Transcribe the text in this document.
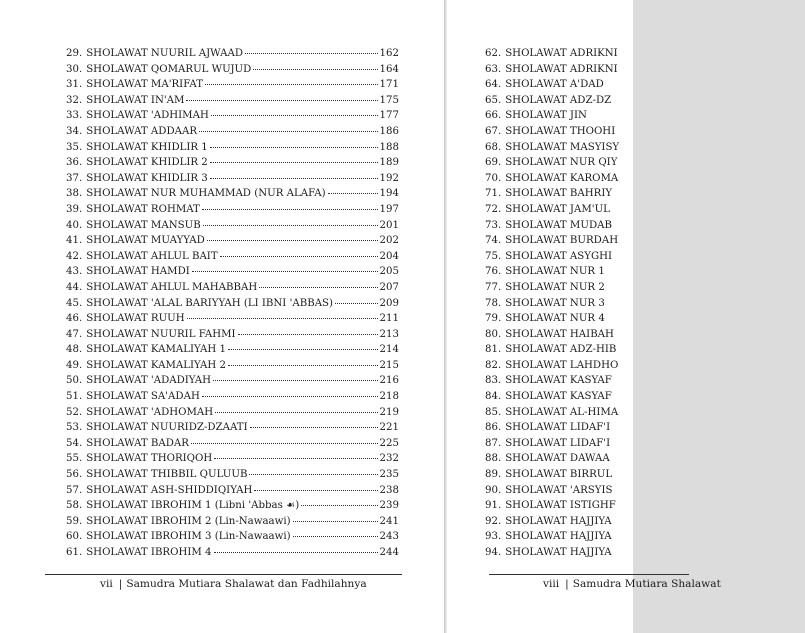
29. SHOLAWAT NUURIL AJWAAD	162
30. SHOLAWAT QOMARUL WUJUD	164
31. SHOLAWAT MA'RIFAT	171
32. SHOLAWAT IN'AM	175
33. SHOLAWAT 'ADHIMAH	177
34. SHOLAWAT ADDAAR	186
35. SHOLAWAT KHIDLIR 1	188
36. SHOLAWAT KHIDLIR 2	189
37. SHOLAWAT KHIDLIR 3	192
38. SHOLAWAT NUR MUHAMMAD (NUR ALAFA)	194
39. SHOLAWAT ROHMAT	197
40. SHOLAWAT MANSUB	201
41. SHOLAWAT MUAYYAD	202
42. SHOLAWAT AHLUL BAIT	204
43. SHOLAWAT HAMDI	205
44. SHOLAWAT AHLUL MAHABBAH	207
45. SHOLAWAT 'ALAL BARIYYAH (LI IBNI 'ABBAS)	209
46. SHOLAWAT RUUH	211
47. SHOLAWAT NUURIL FAHMI	213
48. SHOLAWAT KAMALIYAH 1	214
49. SHOLAWAT KAMALIYAH 2	215
50. SHOLAWAT 'ADADIYAH	216
51. SHOLAWAT SA'ADAH	218
52. SHOLAWAT 'ADHOMAH	219
53. SHOLAWAT NUURIDZ-DZAATI	221
54. SHOLAWAT BADAR	225
55. SHOLAWAT THORIQOH	232
56. SHOLAWAT THIBBIL QULUUB	235
57. SHOLAWAT ASH-SHIDDIQIYAH	238
58. SHOLAWAT IBROHIM 1 (Libni 'Abbas ☙)	239
59. SHOLAWAT IBROHIM 2 (Lin-Nawaawi)	241
60. SHOLAWAT IBROHIM 3 (Lin-Nawaawi)	243
61. SHOLAWAT IBROHIM 4	244
vii | Samudra Mutiara Shalawat dan Fadhilahnya
62. SHOLAWAT ADRIKNI
63. SHOLAWAT ADRIKNI
64. SHOLAWAT A'DAD
65. SHOLAWAT ADZ-DZ
66. SHOLAWAT JIN
67. SHOLAWAT THOOHI
68. SHOLAWAT MASYISY
69. SHOLAWAT NUR QIY
70. SHOLAWAT KAROMA
71. SHOLAWAT BAHRIY
72. SHOLAWAT JAM'UL
73. SHOLAWAT MUDAB
74. SHOLAWAT BURDAH
75. SHOLAWAT ASYGHI
76. SHOLAWAT NUR 1
77. SHOLAWAT NUR 2
78. SHOLAWAT NUR 3
79. SHOLAWAT NUR 4
80. SHOLAWAT HAIBAH
81. SHOLAWAT ADZ-HIB
82. SHOLAWAT LAHDHO
83. SHOLAWAT KASYAF
84. SHOLAWAT KASYAF
85. SHOLAWAT AL-HIMA
86. SHOLAWAT LIDAF'I
87. SHOLAWAT LIDAF'I
88. SHOLAWAT DAWAA
89. SHOLAWAT BIRRUL
90. SHOLAWAT 'ARSYIS
91. SHOLAWAT ISTIGHF
92. SHOLAWAT HAJJIYA
93. SHOLAWAT HAJJIYA
94. SHOLAWAT HAJJIYA
viii | Samudra Mutiara Shalawat
